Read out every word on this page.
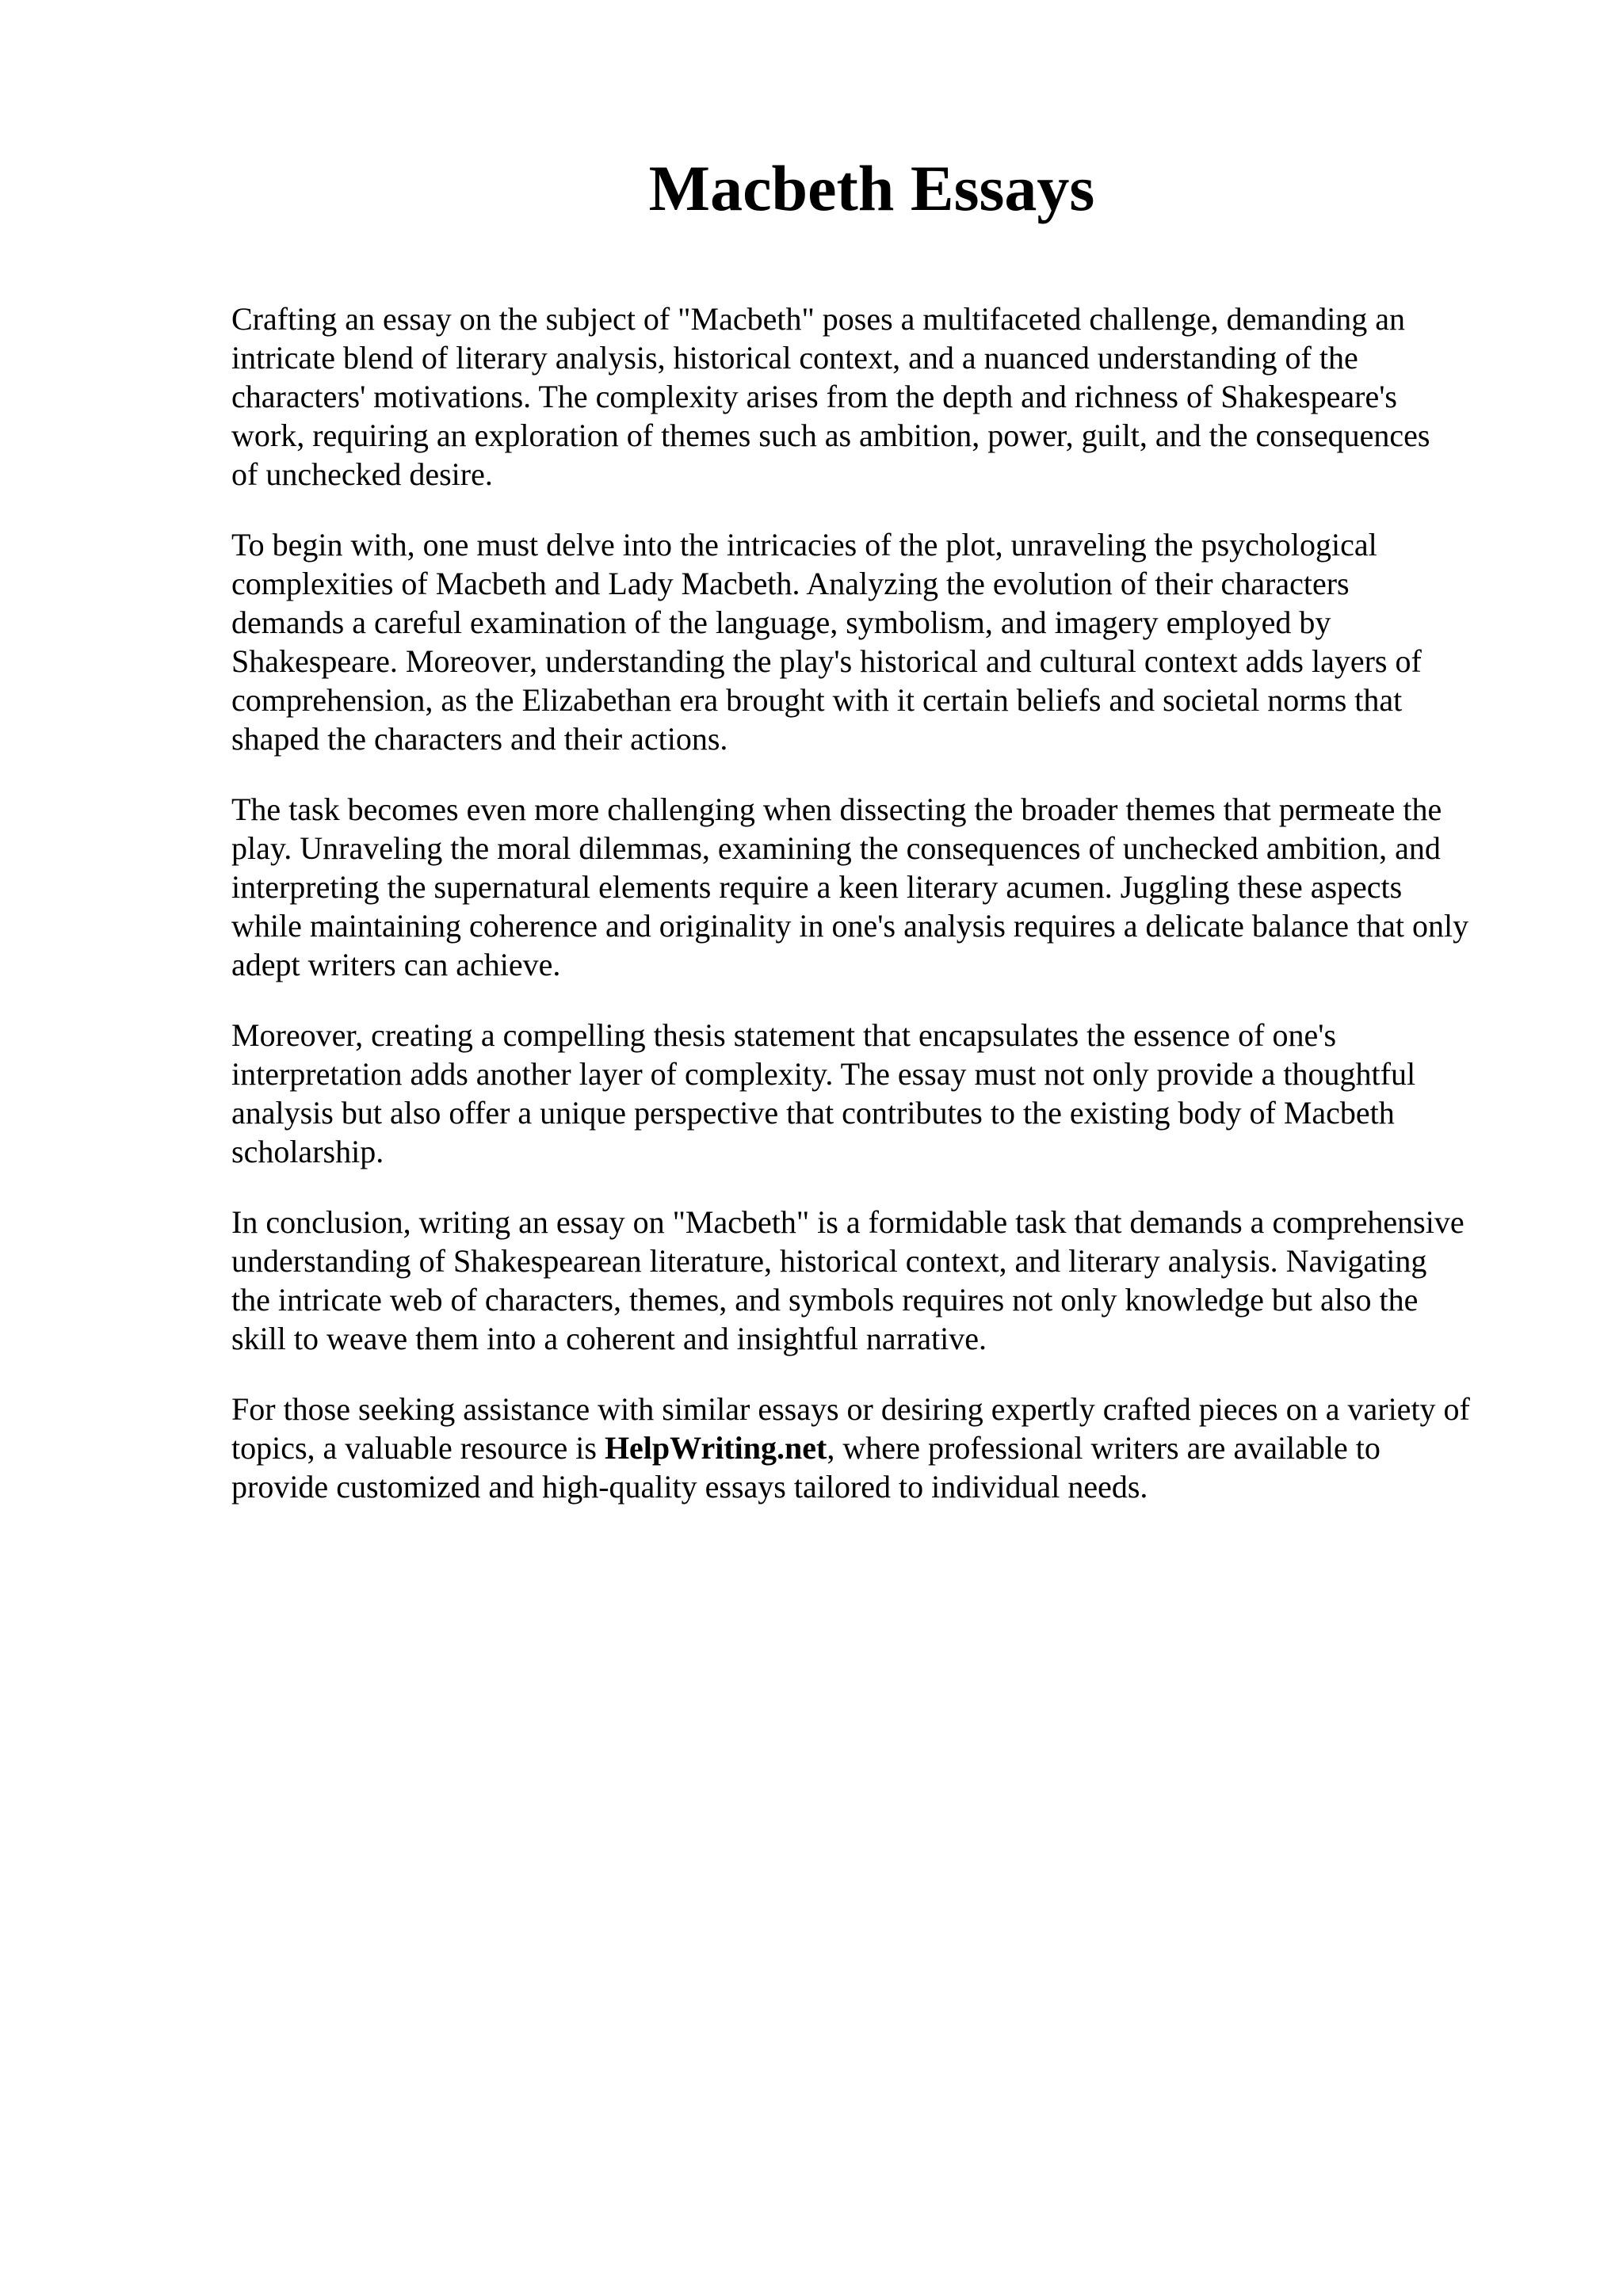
Macbeth Essays

Crafting an essay on the subject of "Macbeth" poses a multifaceted challenge, demanding an
intricate blend of literary analysis, historical context, and a nuanced understanding of the
characters' motivations. The complexity arises from the depth and richness of Shakespeare's
work, requiring an exploration of themes such as ambition, power, guilt, and the consequences
of unchecked desire.

To begin with, one must delve into the intricacies of the plot, unraveling the psychological
complexities of Macbeth and Lady Macbeth. Analyzing the evolution of their characters
demands a careful examination of the language, symbolism, and imagery employed by
Shakespeare. Moreover, understanding the play's historical and cultural context adds layers of
comprehension, as the Elizabethan era brought with it certain beliefs and societal norms that
shaped the characters and their actions.

The task becomes even more challenging when dissecting the broader themes that permeate the
play. Unraveling the moral dilemmas, examining the consequences of unchecked ambition, and
interpreting the supernatural elements require a keen literary acumen. Juggling these aspects
while maintaining coherence and originality in one's analysis requires a delicate balance that only
adept writers can achieve.

Moreover, creating a compelling thesis statement that encapsulates the essence of one's
interpretation adds another layer of complexity. The essay must not only provide a thoughtful
analysis but also offer a unique perspective that contributes to the existing body of Macbeth
scholarship.

In conclusion, writing an essay on "Macbeth" is a formidable task that demands a comprehensive
understanding of Shakespearean literature, historical context, and literary analysis. Navigating
the intricate web of characters, themes, and symbols requires not only knowledge but also the
skill to weave them into a coherent and insightful narrative.

For those seeking assistance with similar essays or desiring expertly crafted pieces on a variety of
topics, a valuable resource is HelpWriting.net, where professional writers are available to
provide customized and high-quality essays tailored to individual needs.
